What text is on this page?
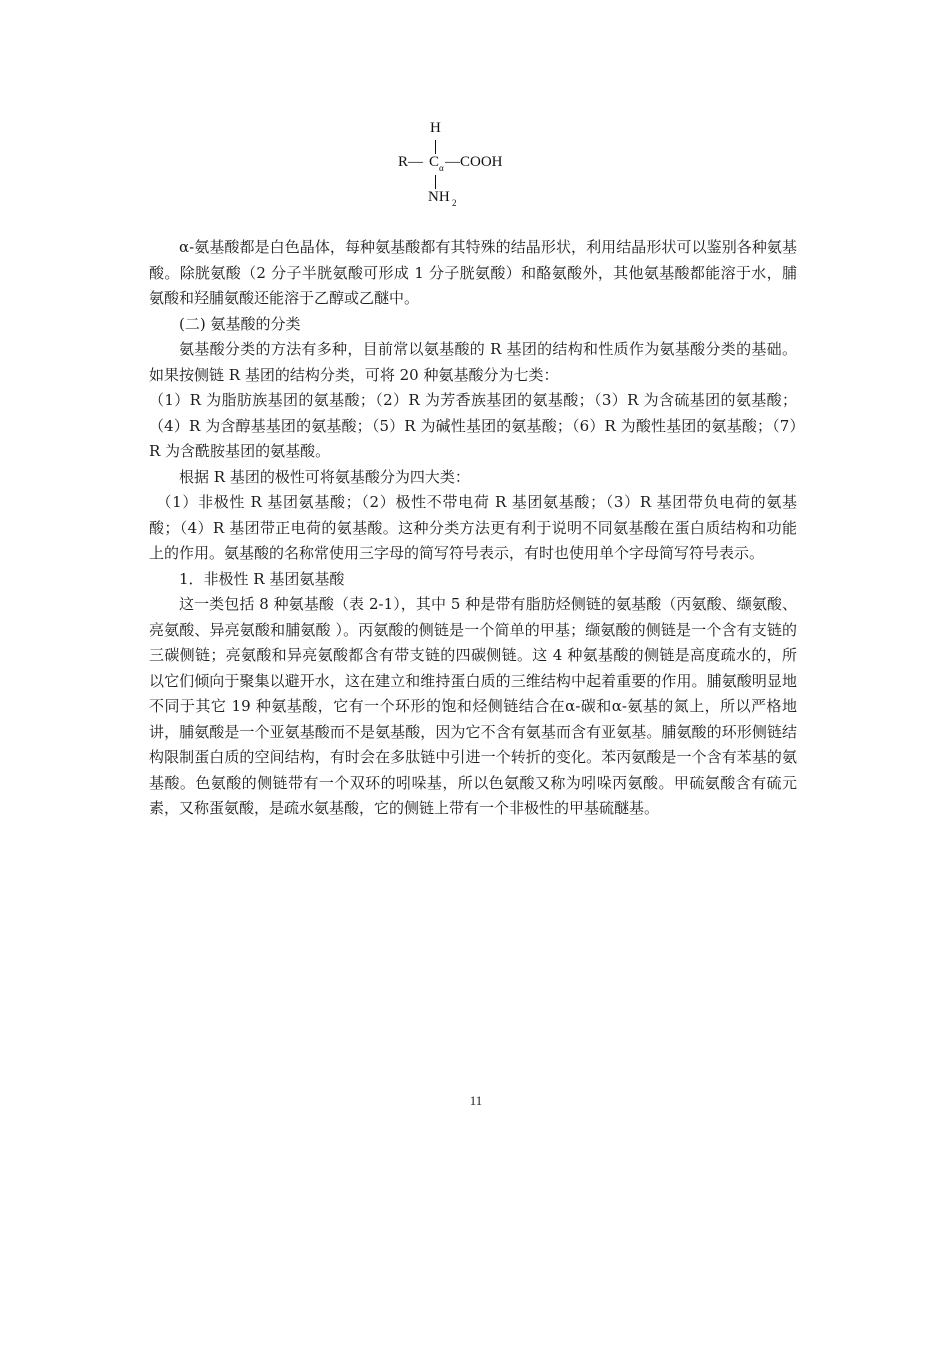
H
R— C α —COOH
NH 2

α-氨基酸都是白色晶体，每种氨基酸都有其特殊的结晶形状，利用结晶形状可以鉴别各种氨基酸。除胱氨酸（2 分子半胱氨酸可形成 1 分子胱氨酸）和酪氨酸外，其他氨基酸都能溶于水，脯氨酸和羟脯氨酸还能溶于乙醇或乙醚中。

(二) 氨基酸的分类

氨基酸分类的方法有多种，目前常以氨基酸的 R 基团的结构和性质作为氨基酸分类的基础。如果按侧链 R 基团的结构分类，可将 20 种氨基酸分为七类：

（1）R 为脂肪族基团的氨基酸；（2）R 为芳香族基团的氨基酸；（3）R 为含硫基团的氨基酸；（4）R 为含醇基基团的氨基酸；（5）R 为碱性基团的氨基酸；（6）R 为酸性基团的氨基酸；（7）R 为含酰胺基团的氨基酸。

根据 R 基团的极性可将氨基酸分为四大类：

（1）非极性 R 基团氨基酸；（2）极性不带电荷 R 基团氨基酸；（3）R 基团带负电荷的氨基酸；（4）R 基团带正电荷的氨基酸。这种分类方法更有利于说明不同氨基酸在蛋白质结构和功能上的作用。氨基酸的名称常使用三字母的简写符号表示，有时也使用单个字母简写符号表示。

1．非极性 R 基团氨基酸

这一类包括 8 种氨基酸（表 2-1），其中 5 种是带有脂肪烃侧链的氨基酸（丙氨酸、缬氨酸、亮氨酸、异亮氨酸和脯氨酸 ）。丙氨酸的侧链是一个简单的甲基；缬氨酸的侧链是一个含有支链的三碳侧链；亮氨酸和异亮氨酸都含有带支链的四碳侧链。这 4 种氨基酸的侧链是高度疏水的，所以它们倾向于聚集以避开水，这在建立和维持蛋白质的三维结构中起着重要的作用。脯氨酸明显地不同于其它 19 种氨基酸，它有一个环形的饱和烃侧链结合在α-碳和α-氨基的氮上，所以严格地讲，脯氨酸是一个亚氨基酸而不是氨基酸，因为它不含有氨基而含有亚氨基。脯氨酸的环形侧链结构限制蛋白质的空间结构，有时会在多肽链中引进一个转折的变化。苯丙氨酸是一个含有苯基的氨基酸。色氨酸的侧链带有一个双环的吲哚基，所以色氨酸又称为吲哚丙氨酸。甲硫氨酸含有硫元素，又称蛋氨酸，是疏水氨基酸，它的侧链上带有一个非极性的甲基硫醚基。

11
